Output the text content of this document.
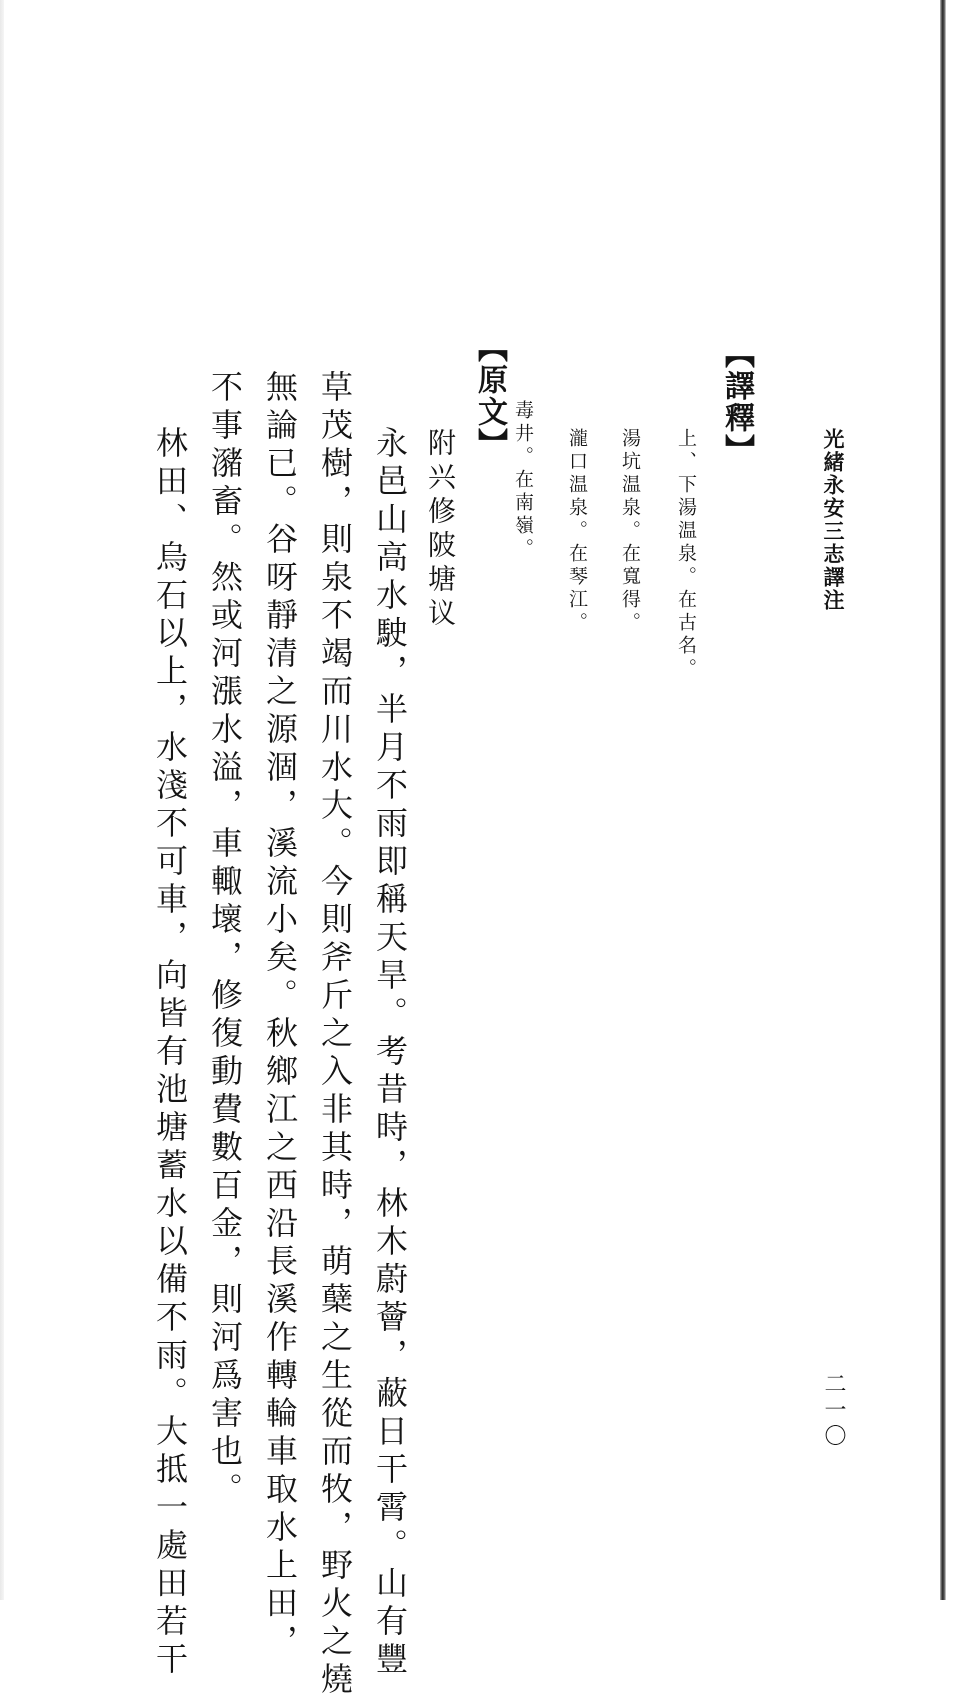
光緒永安三志譯注
二一〇
【譯釋】
上、下湯温泉。在古名。
湯坑温泉。在寬得。
瀧口温泉。在琴江。
毒井。在南嶺。
【原文】
附兴修陂塘议
永邑山高水駛，半月不雨即稱天旱。考昔時，林木蔚薈，蔽日干霄。山有豐
草茂樹，則泉不竭而川水大。今則斧斤之入非其時，萌蘖之生從而牧，野火之燒
無論已。谷呀靜清之源涸，溪流小矣。秋鄉江之西沿長溪作轉輪車取水上田，
不事瀦畜。然或河漲水溢，車輙壞，修復動費數百金，則河爲害也。
林田、烏石以上，水淺不可車，向皆有池塘蓄水以備不雨。大抵一處田若干
